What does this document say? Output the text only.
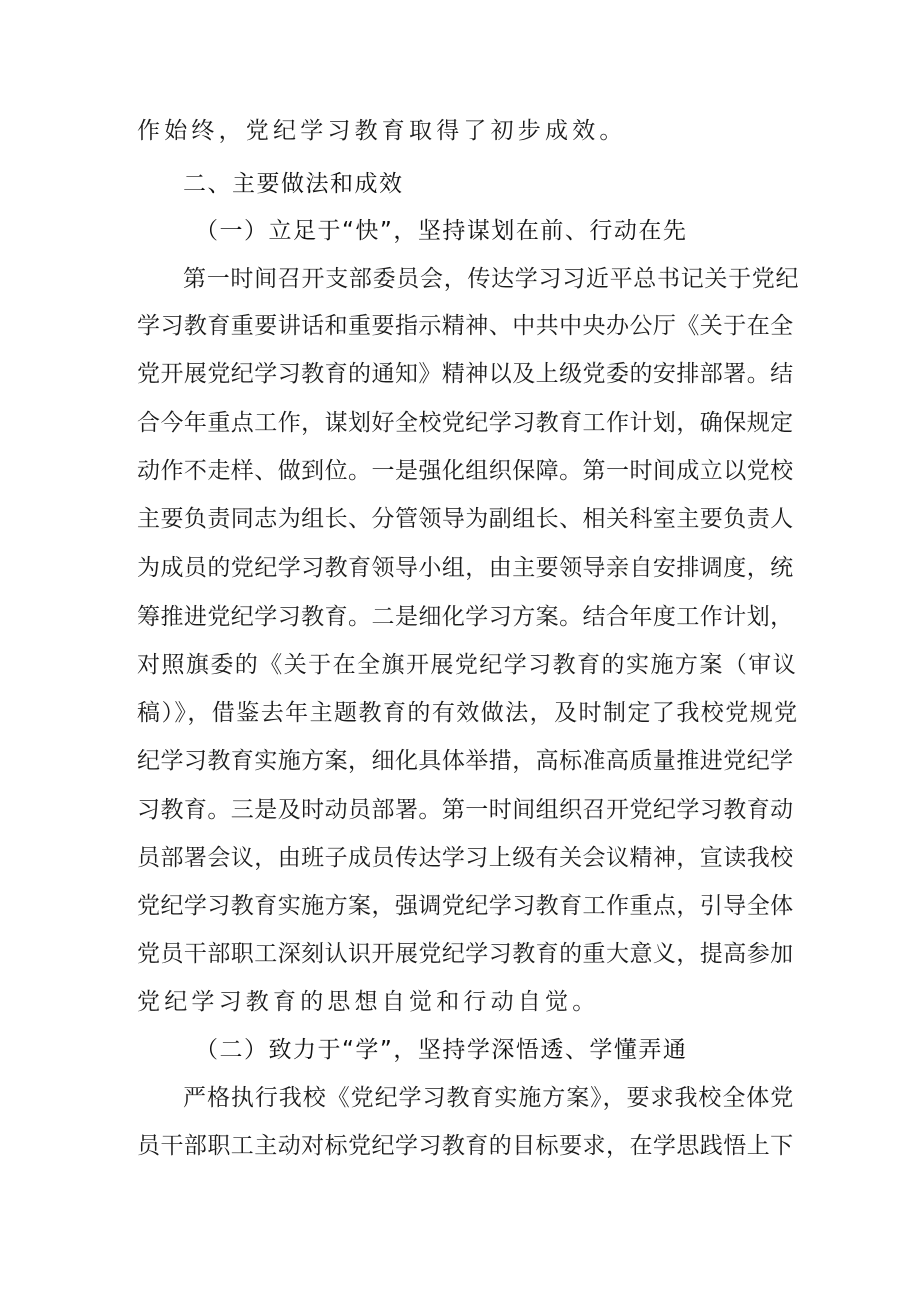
作始终，党纪学习教育取得了初步成效。
二、主要做法和成效
（一）立足于“快”，坚持谋划在前、行动在先
第一时间召开支部委员会，传达学习习近平总书记关于党纪
学习教育重要讲话和重要指示精神、中共中央办公厅《关于在全
党开展党纪学习教育的通知》精神以及上级党委的安排部署。结
合今年重点工作，谋划好全校党纪学习教育工作计划，确保规定
动作不走样、做到位。一是强化组织保障。第一时间成立以党校
主要负责同志为组长、分管领导为副组长、相关科室主要负责人
为成员的党纪学习教育领导小组，由主要领导亲自安排调度，统
筹推进党纪学习教育。二是细化学习方案。结合年度工作计划，
对照旗委的《关于在全旗开展党纪学习教育的实施方案（审议
稿）》，借鉴去年主题教育的有效做法，及时制定了我校党规党
纪学习教育实施方案，细化具体举措，高标准高质量推进党纪学
习教育。三是及时动员部署。第一时间组织召开党纪学习教育动
员部署会议，由班子成员传达学习上级有关会议精神，宣读我校
党纪学习教育实施方案，强调党纪学习教育工作重点，引导全体
党员干部职工深刻认识开展党纪学习教育的重大意义，提高参加
党纪学习教育的思想自觉和行动自觉。
（二）致力于“学”，坚持学深悟透、学懂弄通
严格执行我校《党纪学习教育实施方案》，要求我校全体党
员干部职工主动对标党纪学习教育的目标要求，在学思践悟上下
